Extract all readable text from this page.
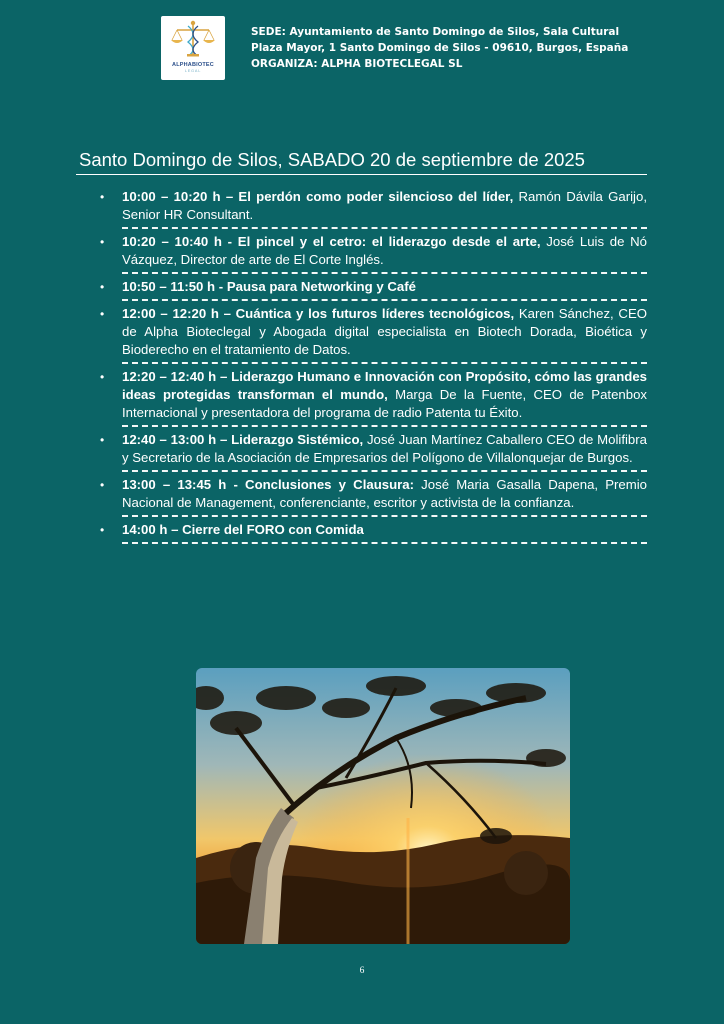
ALPHABIOTEC
LEGAL
SEDE: Ayuntamiento de Santo Domingo de Silos, Sala Cultural
Plaza Mayor, 1 Santo Domingo de Silos - 09610, Burgos, España
ORGANIZA: ALPHA BIOTECLEGAL SL
Santo Domingo de Silos, SABADO 20 de septiembre de 2025
• 10:00 – 10:20 h – El perdón como poder silencioso del líder, Ramón Dávila Garijo, Senior HR Consultant.
• 10:20 – 10:40 h - El pincel y el cetro: el liderazgo desde el arte, José Luis de Nó Vázquez, Director de arte de El Corte Inglés.
• 10:50 – 11:50 h - Pausa para Networking y Café
• 12:00 – 12:20 h – Cuántica y los futuros líderes tecnológicos, Karen Sánchez, CEO de Alpha Bioteclegal y Abogada digital especialista en Biotech Dorada, Bioética y Bioderecho en el tratamiento de Datos.
• 12:20 – 12:40 h – Liderazgo Humano e Innovación con Propósito, cómo las grandes ideas protegidas transforman el mundo, Marga De la Fuente, CEO de Patenbox Internacional y presentadora del programa de radio Patenta tu Éxito.
• 12:40 – 13:00 h – Liderazgo Sistémico, José Juan Martínez Caballero CEO de Molifibra y Secretario de la Asociación de Empresarios del Polígono de Villalonquejar de Burgos.
• 13:00 – 13:45 h - Conclusiones y Clausura: José Maria Gasalla Dapena, Premio Nacional de Management, conferenciante, escritor y activista de la confianza.
• 14:00 h – Cierre del FORO con Comida
6
